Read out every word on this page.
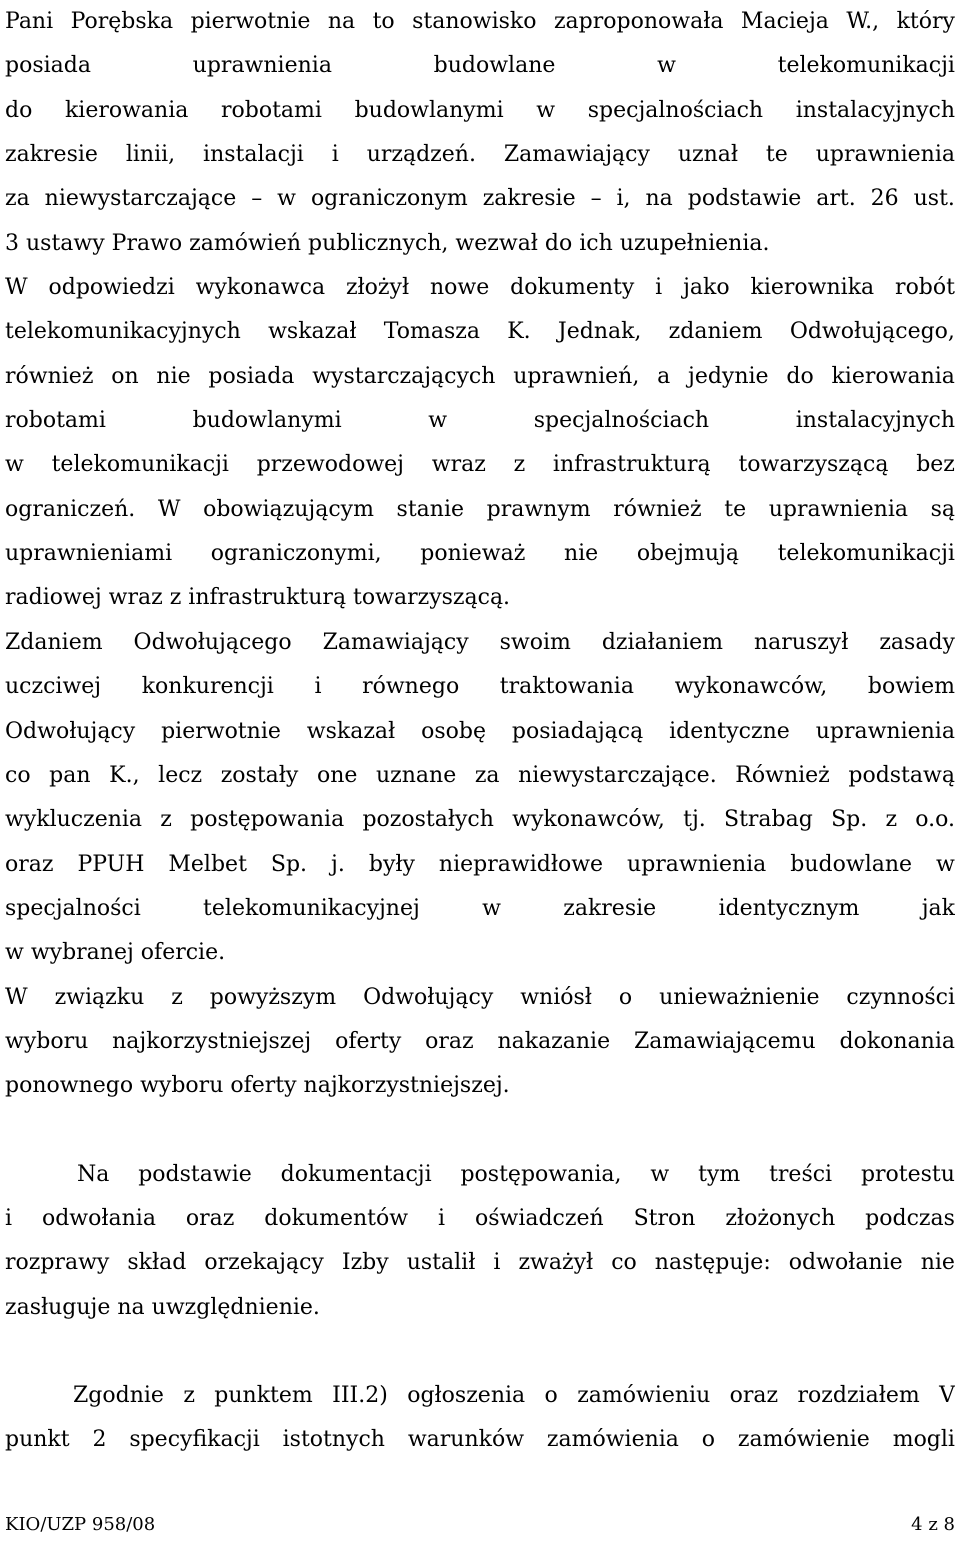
Pani Porębska pierwotnie na to stanowisko zaproponowała Macieja W., który
posiada	uprawnienia	budowlane	w	telekomunikacji
do kierowania robotami budowlanymi w specjalnościach instalacyjnych
zakresie linii, instalacji i urządzeń. Zamawiający uznał te uprawnienia
za niewystarczające – w ograniczonym zakresie – i, na podstawie art. 26 ust.
3 ustawy Prawo zamówień publicznych, wezwał do ich uzupełnienia.
W odpowiedzi wykonawca złożył nowe dokumenty i jako kierownika robót
telekomunikacyjnych wskazał Tomasza K. Jednak, zdaniem Odwołującego,
również on nie posiada wystarczających uprawnień, a jedynie do kierowania
robotami	budowlanymi	w	specjalnościach	instalacyjnych
w telekomunikacji przewodowej wraz z infrastrukturą towarzyszącą bez
ograniczeń. W obowiązującym stanie prawnym również te uprawnienia są
uprawnieniami ograniczonymi, ponieważ nie obejmują telekomunikacji
radiowej wraz z infrastrukturą towarzyszącą.
Zdaniem Odwołującego Zamawiający swoim działaniem naruszył zasady
uczciwej konkurencji i równego traktowania wykonawców, bowiem
Odwołujący pierwotnie wskazał osobę posiadającą identyczne uprawnienia
co pan K., lecz zostały one uznane za niewystarczające. Również podstawą
wykluczenia z postępowania pozostałych wykonawców, tj. Strabag Sp. z o.o.
oraz PPUH Melbet Sp. j. były nieprawidłowe uprawnienia budowlane w
specjalności	telekomunikacyjnej	w	zakresie	identycznym	jak
w wybranej ofercie.
W związku z powyższym Odwołujący wniósł o unieważnienie czynności
wyboru najkorzystniejszej oferty oraz nakazanie Zamawiającemu dokonania
ponownego wyboru oferty najkorzystniejszej.
Na podstawie dokumentacji postępowania, w tym treści protestu
i odwołania oraz dokumentów i oświadczeń Stron złożonych podczas
rozprawy skład orzekający Izby ustalił i zważył co następuje: odwołanie nie
zasługuje na uwzględnienie.
Zgodnie z punktem III.2) ogłoszenia o zamówieniu oraz rozdziałem V
punkt 2 specyfikacji istotnych warunków zamówienia o zamówienie mogli
KIO/UZP 958/08	4 z 8
